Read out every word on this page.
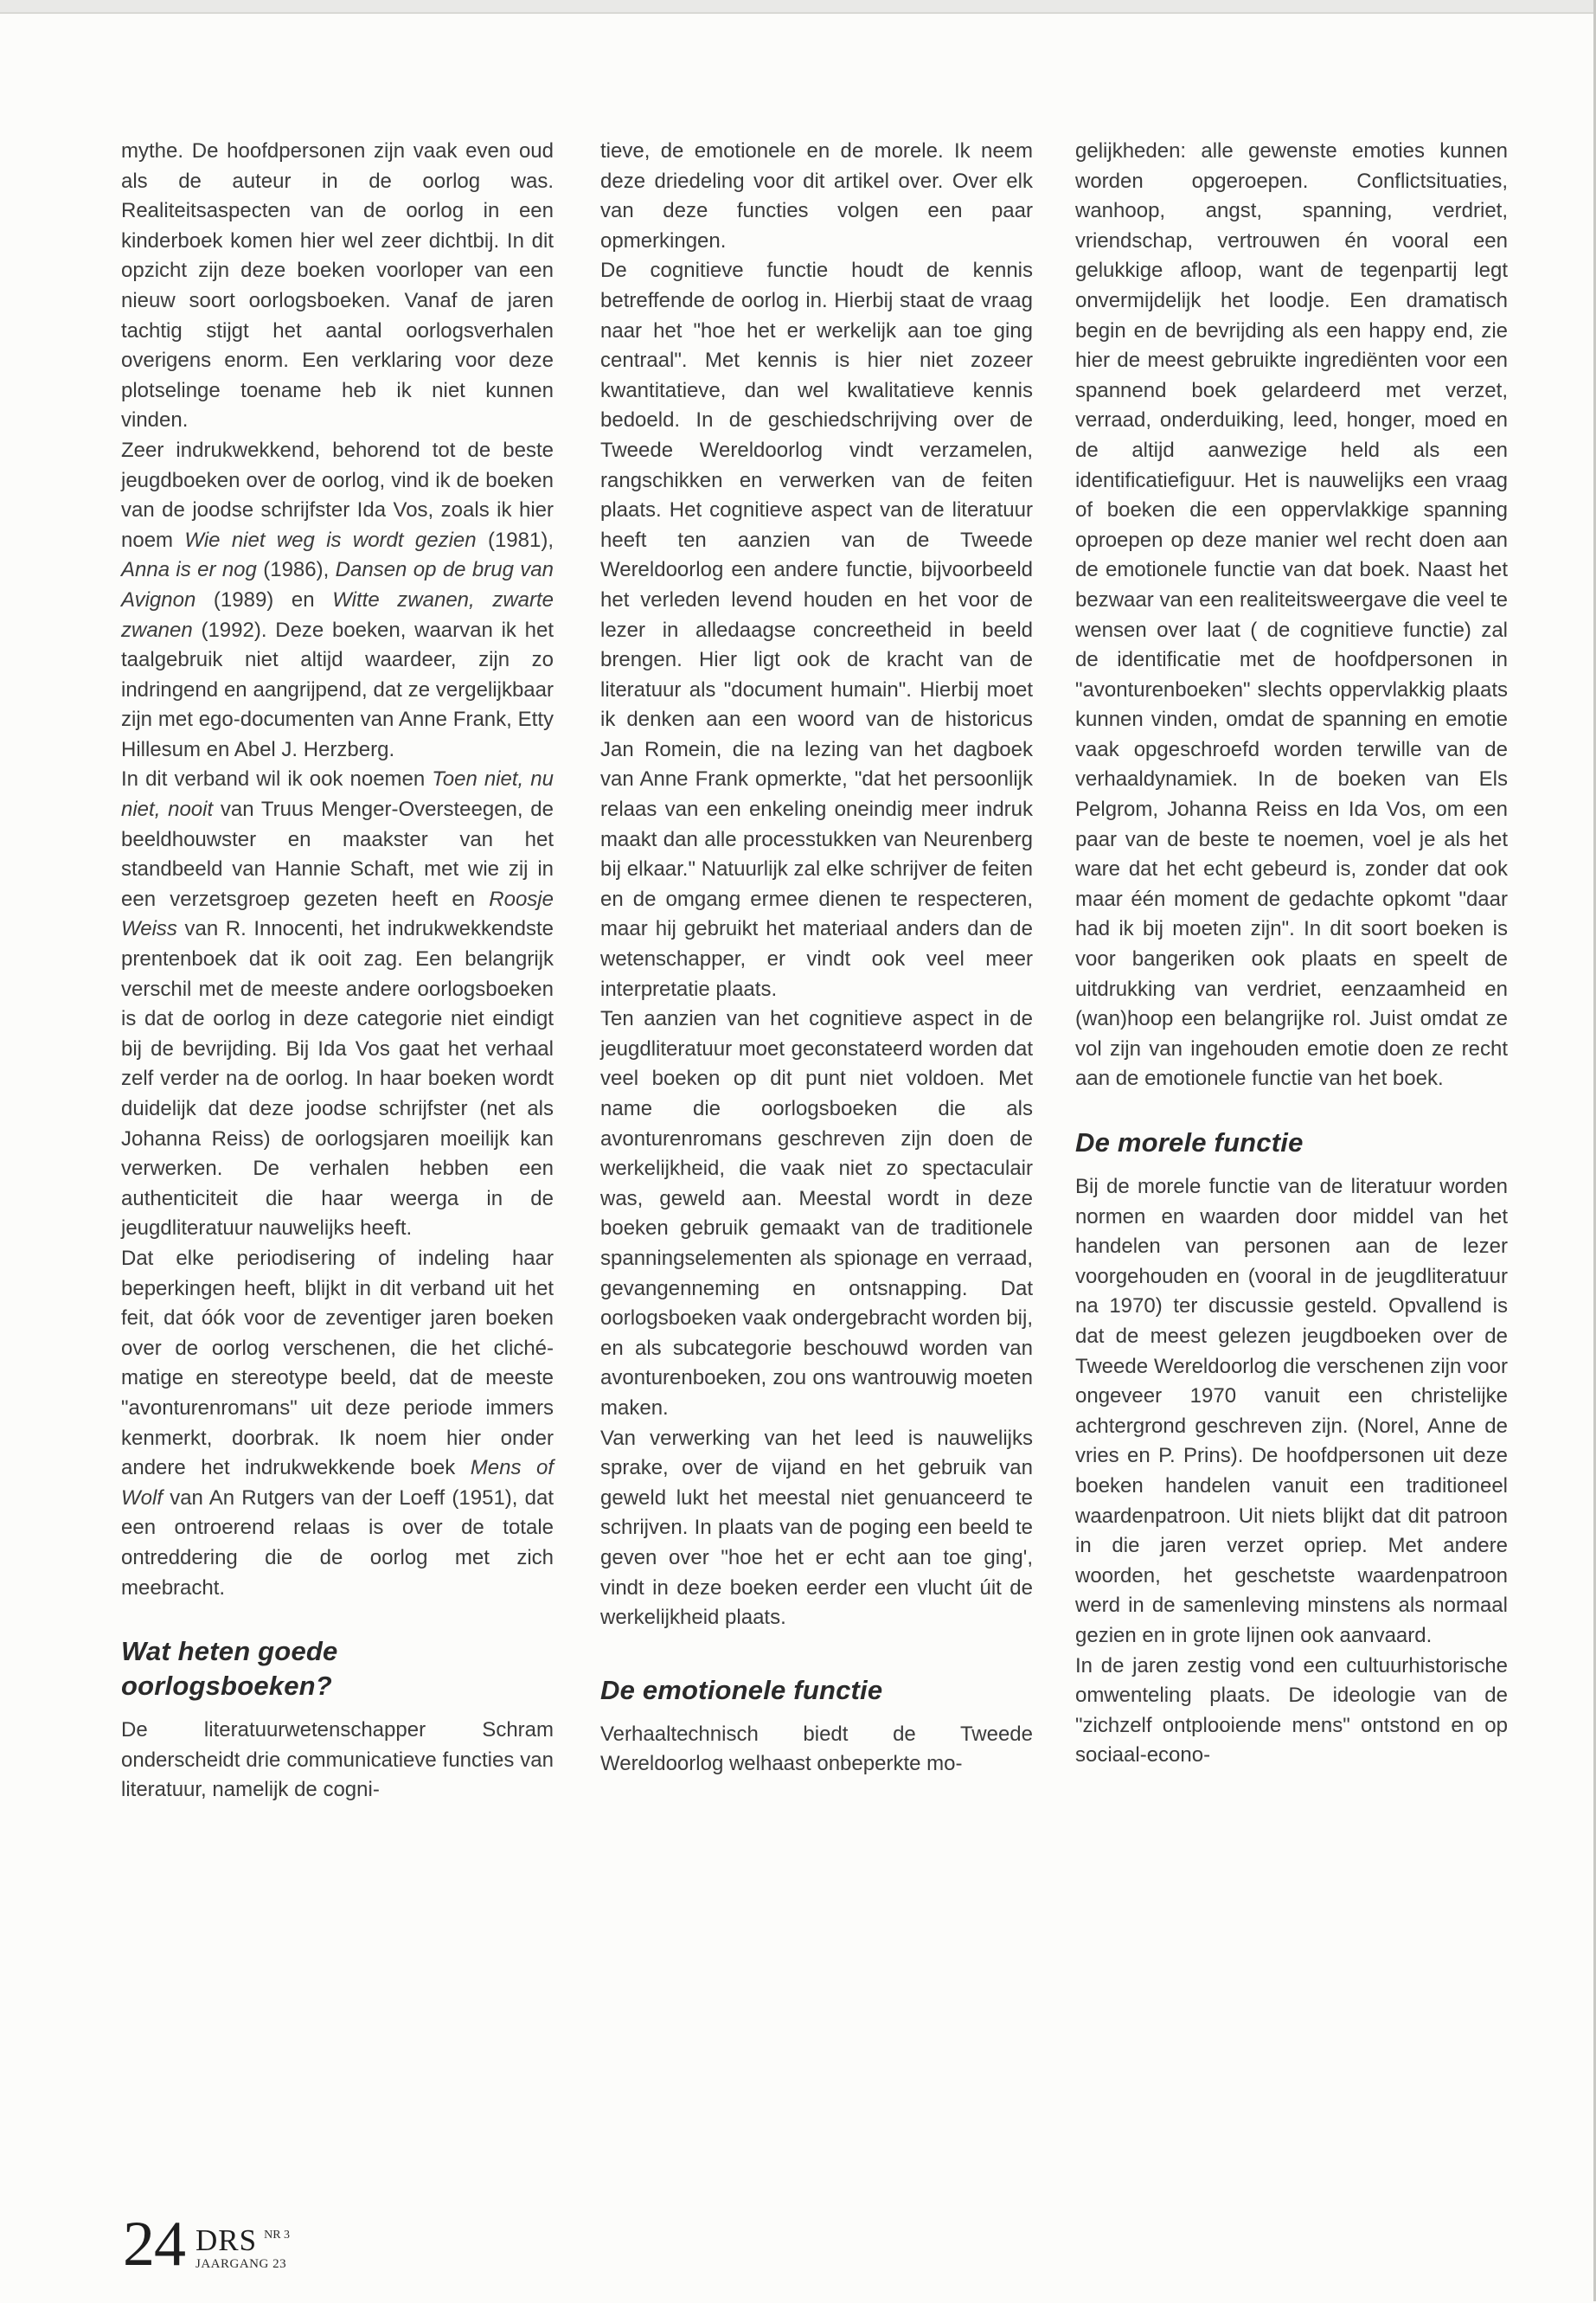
mythe. De hoofdpersonen zijn vaak even oud als de auteur in de oorlog was. Realiteitsaspecten van de oorlog in een kinderboek komen hier wel zeer dichtbij. In dit opzicht zijn deze boeken voorloper van een nieuw soort oorlogsboeken. Vanaf de jaren tachtig stijgt het aantal oorlogsverhalen overigens enorm. Een verklaring voor deze plotselinge toename heb ik niet kunnen vinden.

Zeer indrukwekkend, behorend tot de beste jeugdboeken over de oorlog, vind ik de boeken van de joodse schrijfster Ida Vos, zoals ik hier noem Wie niet weg is wordt gezien (1981), Anna is er nog (1986), Dansen op de brug van Avignon (1989) en Witte zwanen, zwarte zwanen (1992). Deze boeken, waarvan ik het taalgebruik niet altijd waardeer, zijn zo indringend en aangrijpend, dat ze vergelijkbaar zijn met ego-documenten van Anne Frank, Etty Hillesum en Abel J. Herzberg.

In dit verband wil ik ook noemen Toen niet, nu niet, nooit van Truus Menger-Oversteegen, de beeldhouwster en maakster van het standbeeld van Hannie Schaft, met wie zij in een verzetsgroep gezeten heeft en Roosje Weiss van R. Innocenti, het indrukwekkendste prentenboek dat ik ooit zag. Een belangrijk verschil met de meeste andere oorlogsboeken is dat de oorlog in deze categorie niet eindigt bij de bevrijding. Bij Ida Vos gaat het verhaal zelf verder na de oorlog. In haar boeken wordt duidelijk dat deze joodse schrijfster (net als Johanna Reiss) de oorlogsjaren moeilijk kan verwerken. De verhalen hebben een authenticiteit die haar weerga in de jeugdliteratuur nauwelijks heeft.

Dat elke periodisering of indeling haar beperkingen heeft, blijkt in dit verband uit het feit, dat óók voor de zeventiger jaren boeken over de oorlog verschenen, die het cliché-matige en stereotype beeld, dat de meeste "avonturenromans" uit deze periode immers kenmerkt, doorbrak. Ik noem hier onder andere het indrukwekkende boek Mens of Wolf van An Rutgers van der Loeff (1951), dat een ontroerend relaas is over de totale ontreddering die de oorlog met zich meebracht.

Wat heten goede oorlogsboeken?

De literatuurwetenschapper Schram onderscheidt drie communicatieve functies van literatuur, namelijk de cogni-

tieve, de emotionele en de morele. Ik neem deze driedeling voor dit artikel over. Over elk van deze functies volgen een paar opmerkingen.

De cognitieve functie houdt de kennis betreffende de oorlog in. Hierbij staat de vraag naar het "hoe het er werkelijk aan toe ging centraal". Met kennis is hier niet zozeer kwantitatieve, dan wel kwalitatieve kennis bedoeld. In de geschiedschrijving over de Tweede Wereldoorlog vindt verzamelen, rangschikken en verwerken van de feiten plaats. Het cognitieve aspect van de literatuur heeft ten aanzien van de Tweede Wereldoorlog een andere functie, bijvoorbeeld het verleden levend houden en het voor de lezer in alledaagse concreetheid in beeld brengen. Hier ligt ook de kracht van de literatuur als "document humain". Hierbij moet ik denken aan een woord van de historicus Jan Romein, die na lezing van het dagboek van Anne Frank opmerkte, "dat het persoonlijk relaas van een enkeling oneindig meer indruk maakt dan alle processtukken van Neurenberg bij elkaar." Natuurlijk zal elke schrijver de feiten en de omgang ermee dienen te respecteren, maar hij gebruikt het materiaal anders dan de wetenschapper, er vindt ook veel meer interpretatie plaats.

Ten aanzien van het cognitieve aspect in de jeugdliteratuur moet geconstateerd worden dat veel boeken op dit punt niet voldoen. Met name die oorlogsboeken die als avonturenromans geschreven zijn doen de werkelijkheid, die vaak niet zo spectaculair was, geweld aan. Meestal wordt in deze boeken gebruik gemaakt van de traditionele spanningselementen als spionage en verraad, gevangenneming en ontsnapping. Dat oorlogsboeken vaak ondergebracht worden bij, en als subcategorie beschouwd worden van avonturenboeken, zou ons wantrouwig moeten maken.

Van verwerking van het leed is nauwelijks sprake, over de vijand en het gebruik van geweld lukt het meestal niet genuanceerd te schrijven. In plaats van de poging een beeld te geven over "hoe het er echt aan toe ging', vindt in deze boeken eerder een vlucht úit de werkelijkheid plaats.

De emotionele functie

Verhaaltechnisch biedt de Tweede Wereldoorlog welhaast onbeperkte mo-

gelijkheden: alle gewenste emoties kunnen worden opgeroepen. Conflictsituaties, wanhoop, angst, spanning, verdriet, vriendschap, vertrouwen én vooral een gelukkige afloop, want de tegenpartij legt onvermijdelijk het loodje. Een dramatisch begin en de bevrijding als een happy end, zie hier de meest gebruikte ingrediënten voor een spannend boek gelardeerd met verzet, verraad, onderduiking, leed, honger, moed en de altijd aanwezige held als een identificatiefiguur. Het is nauwelijks een vraag of boeken die een oppervlakkige spanning oproepen op deze manier wel recht doen aan de emotionele functie van dat boek. Naast het bezwaar van een realiteitsweergave die veel te wensen over laat ( de cognitieve functie) zal de identificatie met de hoofdpersonen in "avonturenboeken" slechts oppervlakkig plaats kunnen vinden, omdat de spanning en emotie vaak opgeschroefd worden terwille van de verhaaldynamiek. In de boeken van Els Pelgrom, Johanna Reiss en Ida Vos, om een paar van de beste te noemen, voel je als het ware dat het echt gebeurd is, zonder dat ook maar één moment de gedachte opkomt "daar had ik bij moeten zijn". In dit soort boeken is voor bangeriken ook plaats en speelt de uitdrukking van verdriet, eenzaamheid en (wan)hoop een belangrijke rol. Juist omdat ze vol zijn van ingehouden emotie doen ze recht aan de emotionele functie van het boek.

De morele functie

Bij de morele functie van de literatuur worden normen en waarden door middel van het handelen van personen aan de lezer voorgehouden en (vooral in de jeugdliteratuur na 1970) ter discussie gesteld. Opvallend is dat de meest gelezen jeugdboeken over de Tweede Wereldoorlog die verschenen zijn voor ongeveer 1970 vanuit een christelijke achtergrond geschreven zijn. (Norel, Anne de vries en P. Prins). De hoofdpersonen uit deze boeken handelen vanuit een traditioneel waardenpatroon. Uit niets blijkt dat dit patroon in die jaren verzet opriep. Met andere woorden, het geschetste waardenpatroon werd in de samenleving minstens als normaal gezien en in grote lijnen ook aanvaard.

In de jaren zestig vond een cultuurhistorische omwenteling plaats. De ideologie van de "zichzelf ontplooiende mens" ontstond en op sociaal-econo-

24 DRS NR 3
JAARGANG 23
